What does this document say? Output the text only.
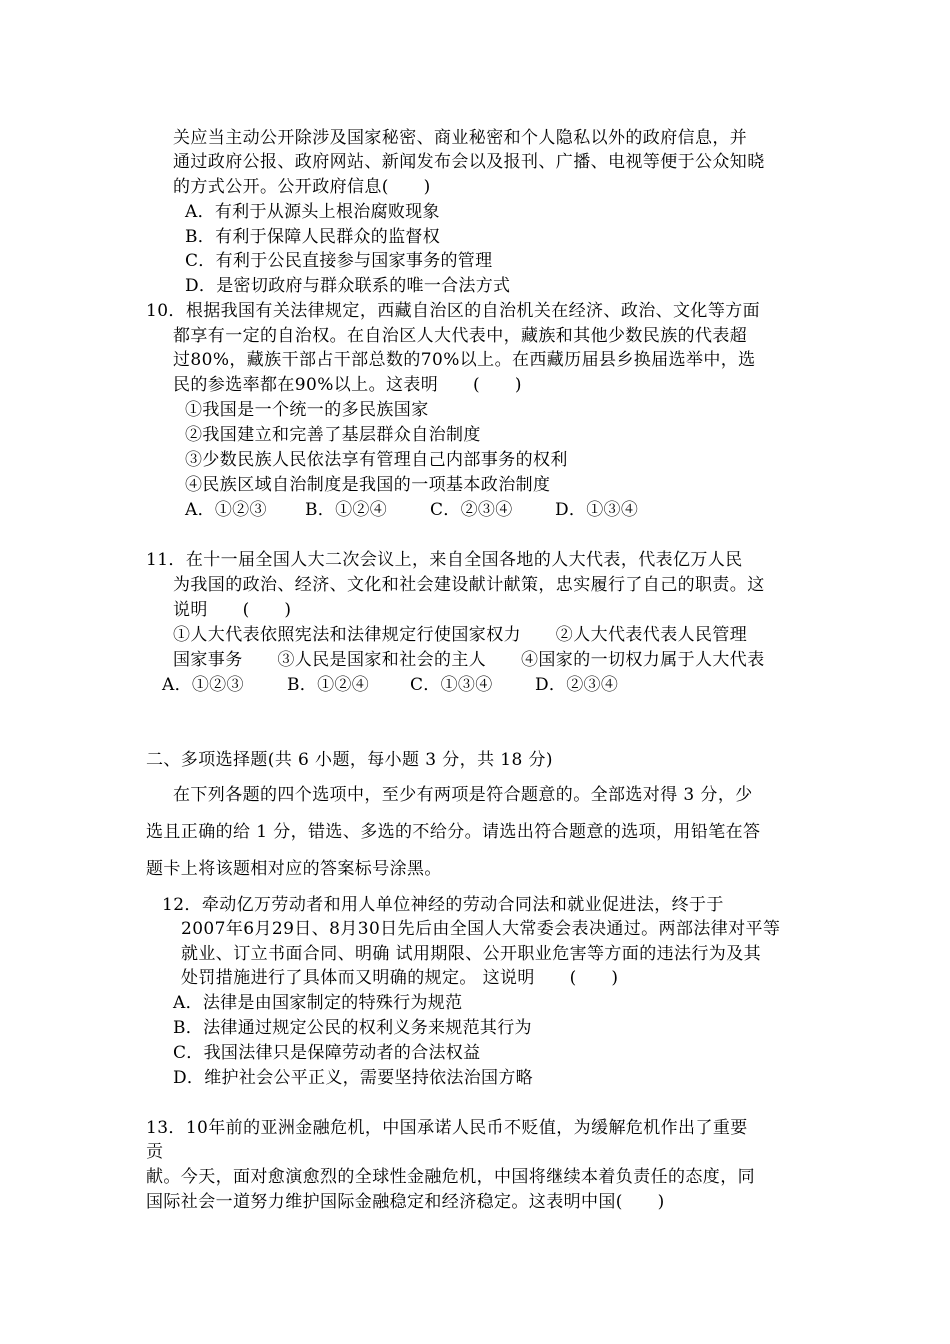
关应当主动公开除涉及国家秘密、商业秘密和个人隐私以外的政府信息，并
通过政府公报、政府网站、新闻发布会以及报刊、广播、电视等便于公众知晓
的方式公开。公开政府信息(　　)
A．有利于从源头上根治腐败现象
B．有利于保障人民群众的监督权
C．有利于公民直接参与国家事务的管理
D．是密切政府与群众联系的唯一合法方式
10．根据我国有关法律规定，西藏自治区的自治机关在经济、政治、文化等方面
都享有一定的自治权。在自治区人大代表中，藏族和其他少数民族的代表超
过80%，藏族干部占干部总数的70%以上。在西藏历届县乡换届选举中，选
民的参选率都在90%以上。这表明　　(　　)
①我国是一个统一的多民族国家
②我国建立和完善了基层群众自治制度
③少数民族人民依法享有管理自己内部事务的权利
④民族区域自治制度是我国的一项基本政治制度
A．①②③ B．①②④	C．②③④ D．①③④
11．在十一届全国人大二次会议上，来自全国各地的人大代表，代表亿万人民
为我国的政治、经济、文化和社会建设献计献策，忠实履行了自己的职责。这
说明　　(　　)
①人大代表依照宪法和法律规定行使国家权力　　②人大代表代表人民管理
国家事务　　③人民是国家和社会的主人　　④国家的一切权力属于人大代表
A．①②③	B．①②④ C．①③④ D．②③④
二、多项选择题(共 6 小题，每小题 3 分，共 18 分)
在下列各题的四个选项中，至少有两项是符合题意的。全部选对得 3 分，少
选且正确的给 1 分，错选、多选的不给分。请选出符合题意的选项，用铅笔在答
题卡上将该题相对应的答案标号涂黑。
12．牵动亿万劳动者和用人单位神经的劳动合同法和就业促进法，终于于
2007年6月29日、8月30日先后由全国人大常委会表决通过。两部法律对平等
就业、订立书面合同、明确 试用期限、公开职业危害等方面的违法行为及其
处罚措施进行了具体而又明确的规定。 这说明　　(　　)
A．法律是由国家制定的特殊行为规范
B．法律通过规定公民的权利义务来规范其行为
C．我国法律只是保障劳动者的合法权益
D．维护社会公平正义，需要坚持依法治国方略
13．10年前的亚洲金融危机，中国承诺人民币不贬值，为缓解危机作出了重要
贡
献。今天，面对愈演愈烈的全球性金融危机，中国将继续本着负责任的态度，同
国际社会一道努力维护国际金融稳定和经济稳定。这表明中国(　　)
